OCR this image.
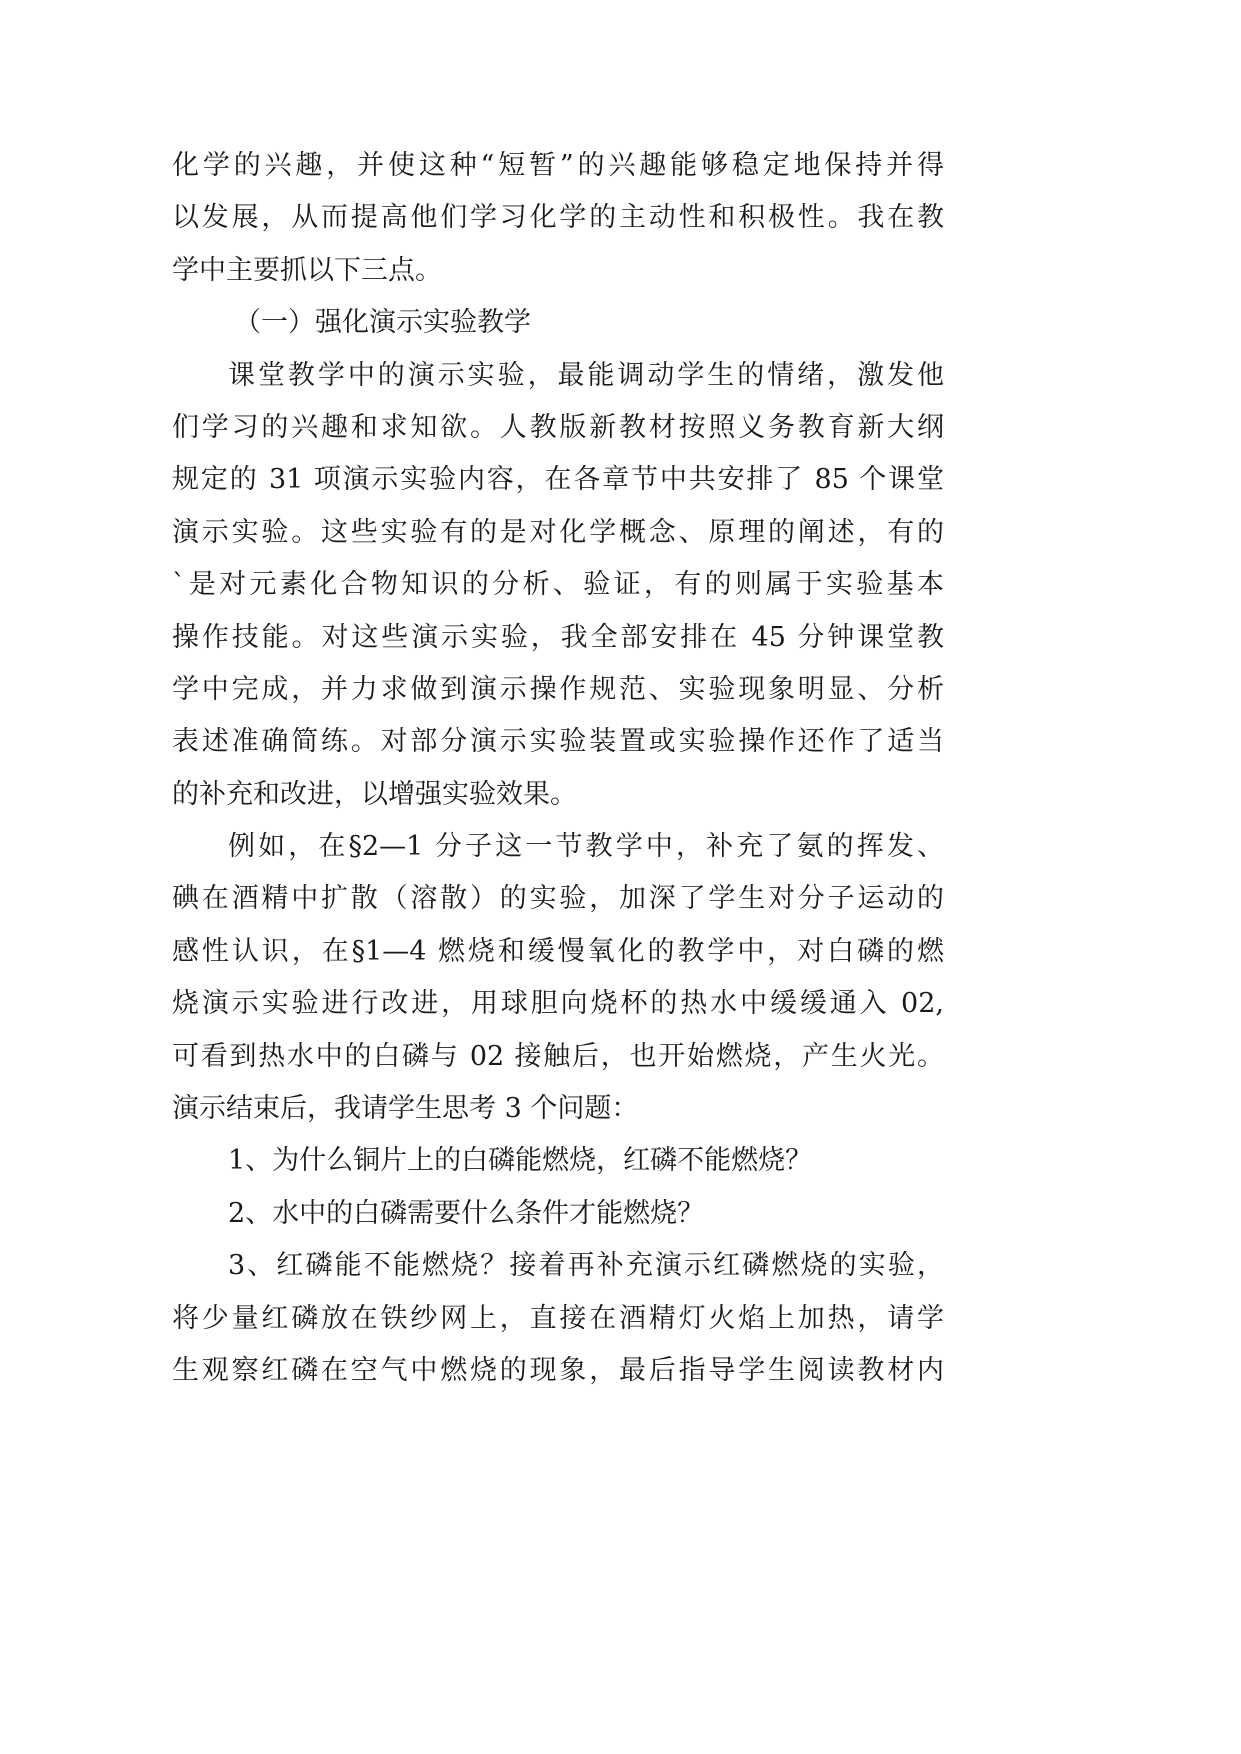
化学的兴趣，并使这种“短暂”的兴趣能够稳定地保持并得
以发展，从而提高他们学习化学的主动性和积极性。我在教
学中主要抓以下三点。
（一）强化演示实验教学
课堂教学中的演示实验，最能调动学生的情绪，激发他
们学习的兴趣和求知欲。人教版新教材按照义务教育新大纲
规定的 31 项演示实验内容，在各章节中共安排了 85 个课堂
演示实验。这些实验有的是对化学概念、原理的阐述，有的
`是对元素化合物知识的分析、验证，有的则属于实验基本
操作技能。对这些演示实验，我全部安排在 45 分钟课堂教
学中完成，并力求做到演示操作规范、实验现象明显、分析
表述准确简练。对部分演示实验装置或实验操作还作了适当
的补充和改进，以增强实验效果。
例如，在§2—1 分子这一节教学中，补充了氨的挥发、
碘在酒精中扩散（溶散）的实验，加深了学生对分子运动的
感性认识，在§1—4 燃烧和缓慢氧化的教学中，对白磷的燃
烧演示实验进行改进，用球胆向烧杯的热水中缓缓通入 02,
可看到热水中的白磷与 02 接触后，也开始燃烧，产生火光。
演示结束后，我请学生思考 3 个问题：
1、为什么铜片上的白磷能燃烧，红磷不能燃烧？
2、水中的白磷需要什么条件才能燃烧？
3、红磷能不能燃烧？接着再补充演示红磷燃烧的实验，
将少量红磷放在铁纱网上，直接在酒精灯火焰上加热，请学
生观察红磷在空气中燃烧的现象，最后指导学生阅读教材内
